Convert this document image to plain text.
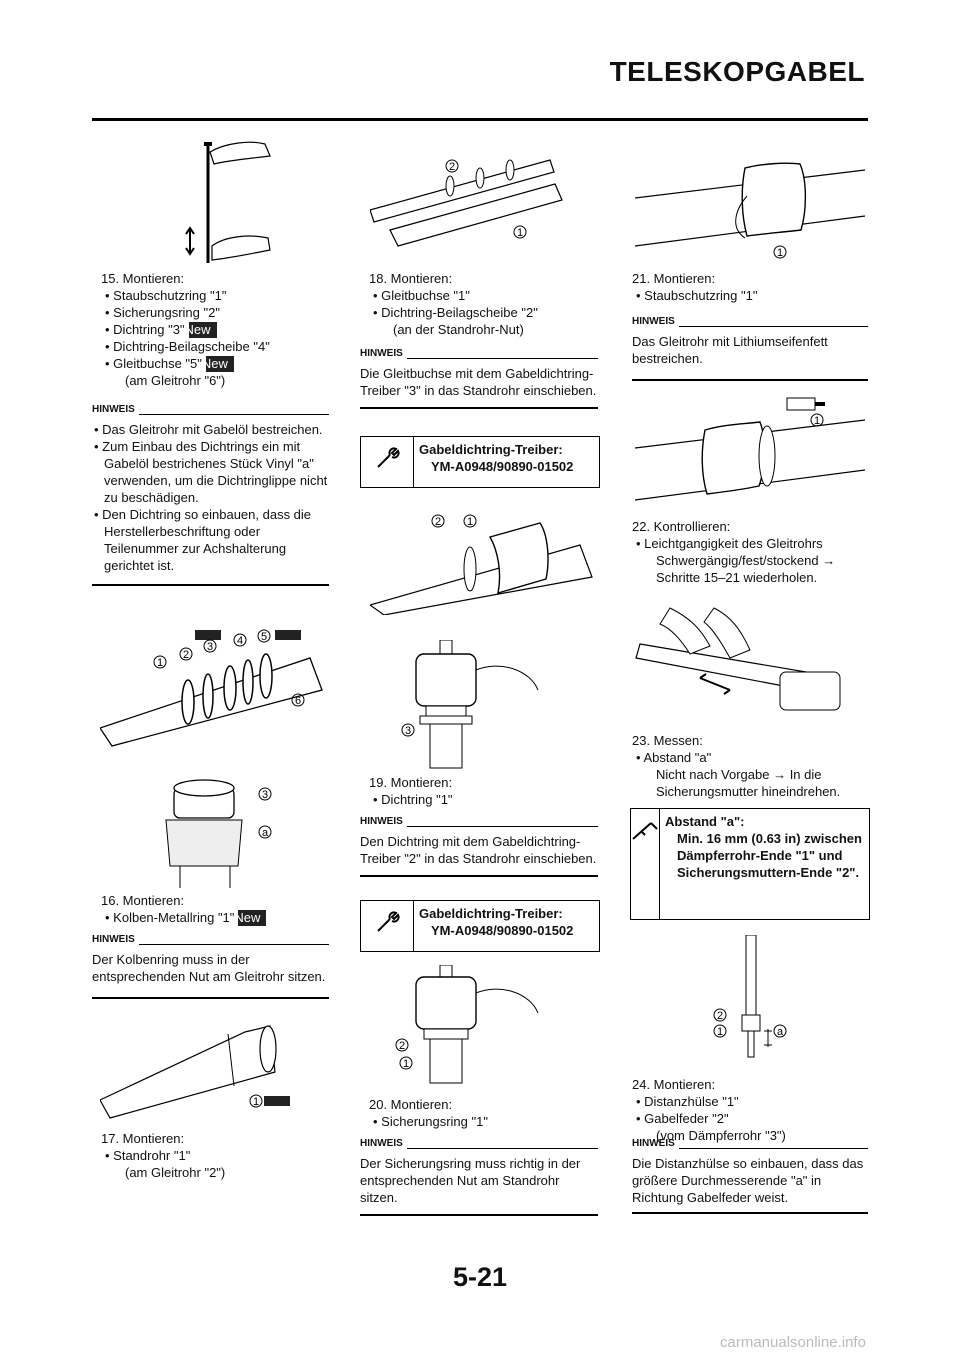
TELESKOPGABEL
15. Montieren:
• Staubschutzring "1"
• Sicherungsring "2"
• Dichtring "3"New
• Dichtring-Beilagscheibe "4"
• Gleitbuchse "5"New
(am Gleitrohr "6")
HINWEIS
• Das Gleitrohr mit Gabelöl bestreichen.
• Zum Einbau des Dichtrings ein mit Gabelöl bestrichenes Stück Vinyl "a" verwenden, um die Dichtringlippe nicht zu beschädigen.
• Den Dichtring so einbauen, dass die Herstellerbeschriftung oder Teilenummer zur Achshalterung gerichtet ist.
1
2
3 4 5
6
3
a
16. Montieren:
• Kolben-Metallring "1"New
HINWEIS
Der Kolbenring muss in der entsprechenden Nut am Gleitrohr sitzen.
1
17. Montieren:
• Standrohr "1"
(am Gleitrohr "2")
2
1
18. Montieren:
• Gleitbuchse "1"
• Dichtring-Beilagscheibe "2"
(an der Standrohr-Nut)
HINWEIS
Die Gleitbuchse mit dem Gabeldichtring-Treiber "3" in das Standrohr einschieben.
Gabeldichtring-Treiber:
YM-A0948/90890-01502
2 1
3
19. Montieren:
• Dichtring "1"
HINWEIS
Den Dichtring mit dem Gabeldichtring-Treiber "2" in das Standrohr einschieben.
Gabeldichtring-Treiber:
YM-A0948/90890-01502
2
1
20. Montieren:
• Sicherungsring "1"
HINWEIS
Der Sicherungsring muss richtig in der entsprechenden Nut am Standrohr sitzen.
1
21. Montieren:
• Staubschutzring "1"
HINWEIS
Das Gleitrohr mit Lithiumseifenfett bestreichen.
1
22. Kontrollieren:
• Leichtgangigkeit des Gleitrohrs
Schwergängig/fest/stockend → Schritte 15–21 wiederholen.
23. Messen:
• Abstand "a"
Nicht nach Vorgabe → In die Sicherungsmutter hineindrehen.
Abstand "a":
Min. 16 mm (0.63 in) zwischen Dämpferrohr-Ende "1" und Sicherungsmuttern-Ende "2".
2
1	a
24. Montieren:
• Distanzhülse "1"
• Gabelfeder "2"
(vom Dämpferrohr "3")
HINWEIS
Die Distanzhülse so einbauen, dass das größere Durchmesserende "a" in Richtung Gabelfeder weist.
5-21
carmanualsonline.info
